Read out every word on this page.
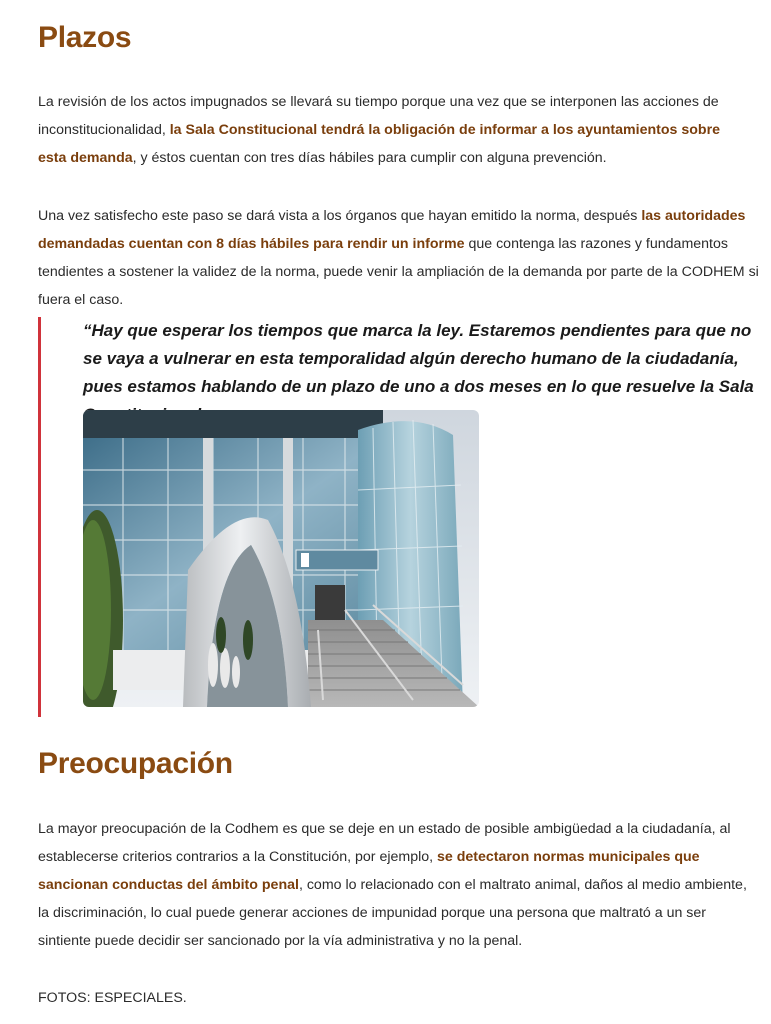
Plazos

La revisión de los actos impugnados se llevará su tiempo porque una vez que se interponen las acciones de inconstitucionalidad, la Sala Constitucional tendrá la obligación de informar a los ayuntamientos sobre esta demanda, y éstos cuentan con tres días hábiles para cumplir con alguna prevención.

Una vez satisfecho este paso se dará vista a los órganos que hayan emitido la norma, después las autoridades demandadas cuentan con 8 días hábiles para rendir un informe que contenga las razones y fundamentos tendientes a sostener la validez de la norma, puede venir la ampliación de la demanda por parte de la CODHEM si fuera el caso.

“Hay que esperar los tiempos que marca la ley. Estaremos pendientes para que no se vaya a vulnerar en esta temporalidad algún derecho humano de la ciudadanía, pues estamos hablando de un plazo de uno a dos meses en lo que resuelve la Sala

Preocupación

La mayor preocupación de la Codhem es que se deje en un estado de posible ambigüedad a la ciudadanía, al establecerse criterios contrarios a la Constitución, por ejemplo, se detectaron normas municipales que sancionan conductas del ámbito penal, como lo relacionado con el maltrato animal, daños al medio ambiente, la discriminación, lo cual puede generar acciones de impunidad porque una persona que maltrató a un ser sintiente puede decidir ser sancionado por la vía administrativa y no la penal.

FOTOS: ESPECIALES.
